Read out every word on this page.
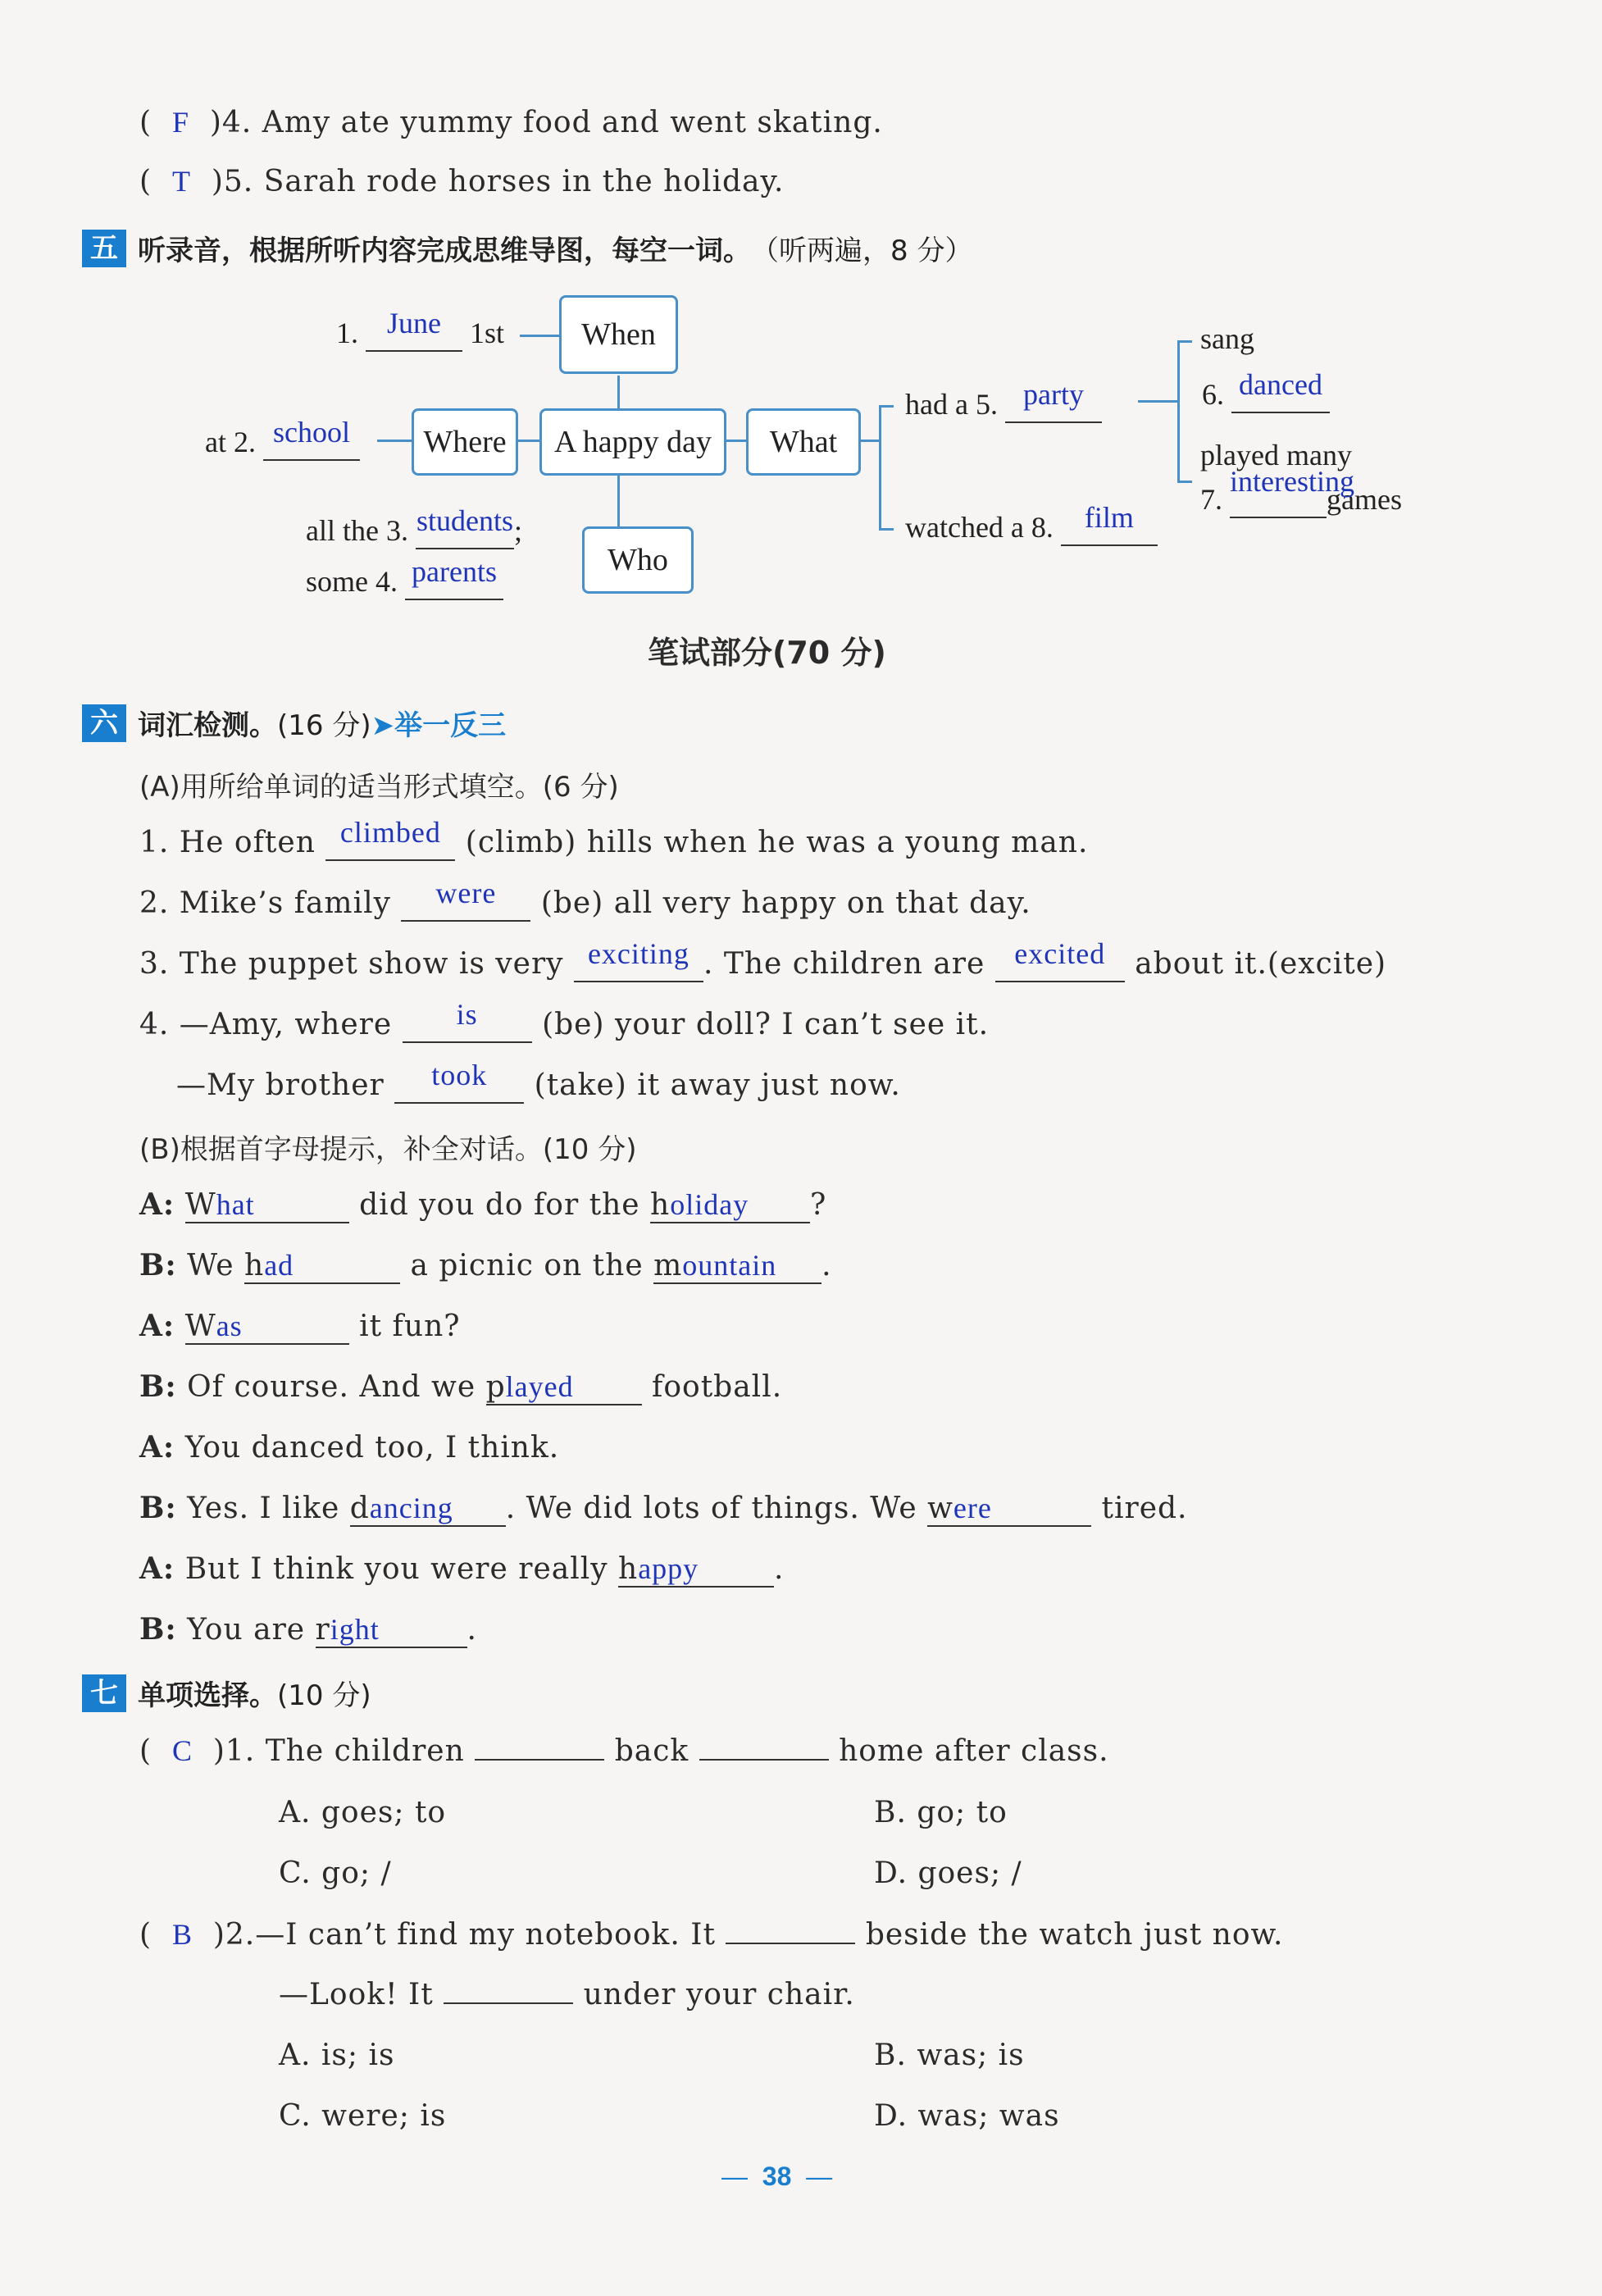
(  F )4. Amy ate yummy food and went skating.
(  T )5. Sarah rode horses in the holiday.
五 听录音，根据所听内容完成思维导图，每空一词。 （听两遍，8 分）
When
Where	A happy day	What
Who
1. June 1st
at 2. school
all the 3. students;
some 4. parents
had a 5. party
sang
6. danced
played many
7. interestinggames
watched a 8. film
笔试部分(70 分)
六 词汇检测。 (16 分) ➤举一反三
(A)用所给单词的适当形式填空。(6 分)
1. He often climbed (climb) hills when he was a young man.
2. Mike’s family were (be) all very happy on that day.
3. The puppet show is very exciting . The children are excited about it.(excite)
4. —Amy, where is (be) your doll? I can’t see it.
—My brother took (take) it away just now.
(B)根据首字母提示，补全对话。(10 分)
A: What	did you do for the holiday ?
B: We had	a picnic on the mountain .
A: Was	it fun?
B: Of course. And we played football.
A: You danced too, I think.
B: Yes. I like dancing . We did lots of things. We were	tired.
A: But I think you were really happy	.
B: You are right	.
七 单项选择。 (10 分)
(  C )1. The children	back	home after class.
A. goes; to	B. go; to
C. go; /	D. goes; /
(  B )2.—I can’t find my notebook. It	beside the watch just now.
—Look! It	under your chair.
A. is; is	B. was; is
C. were; is	D. was; was
—  38  —
